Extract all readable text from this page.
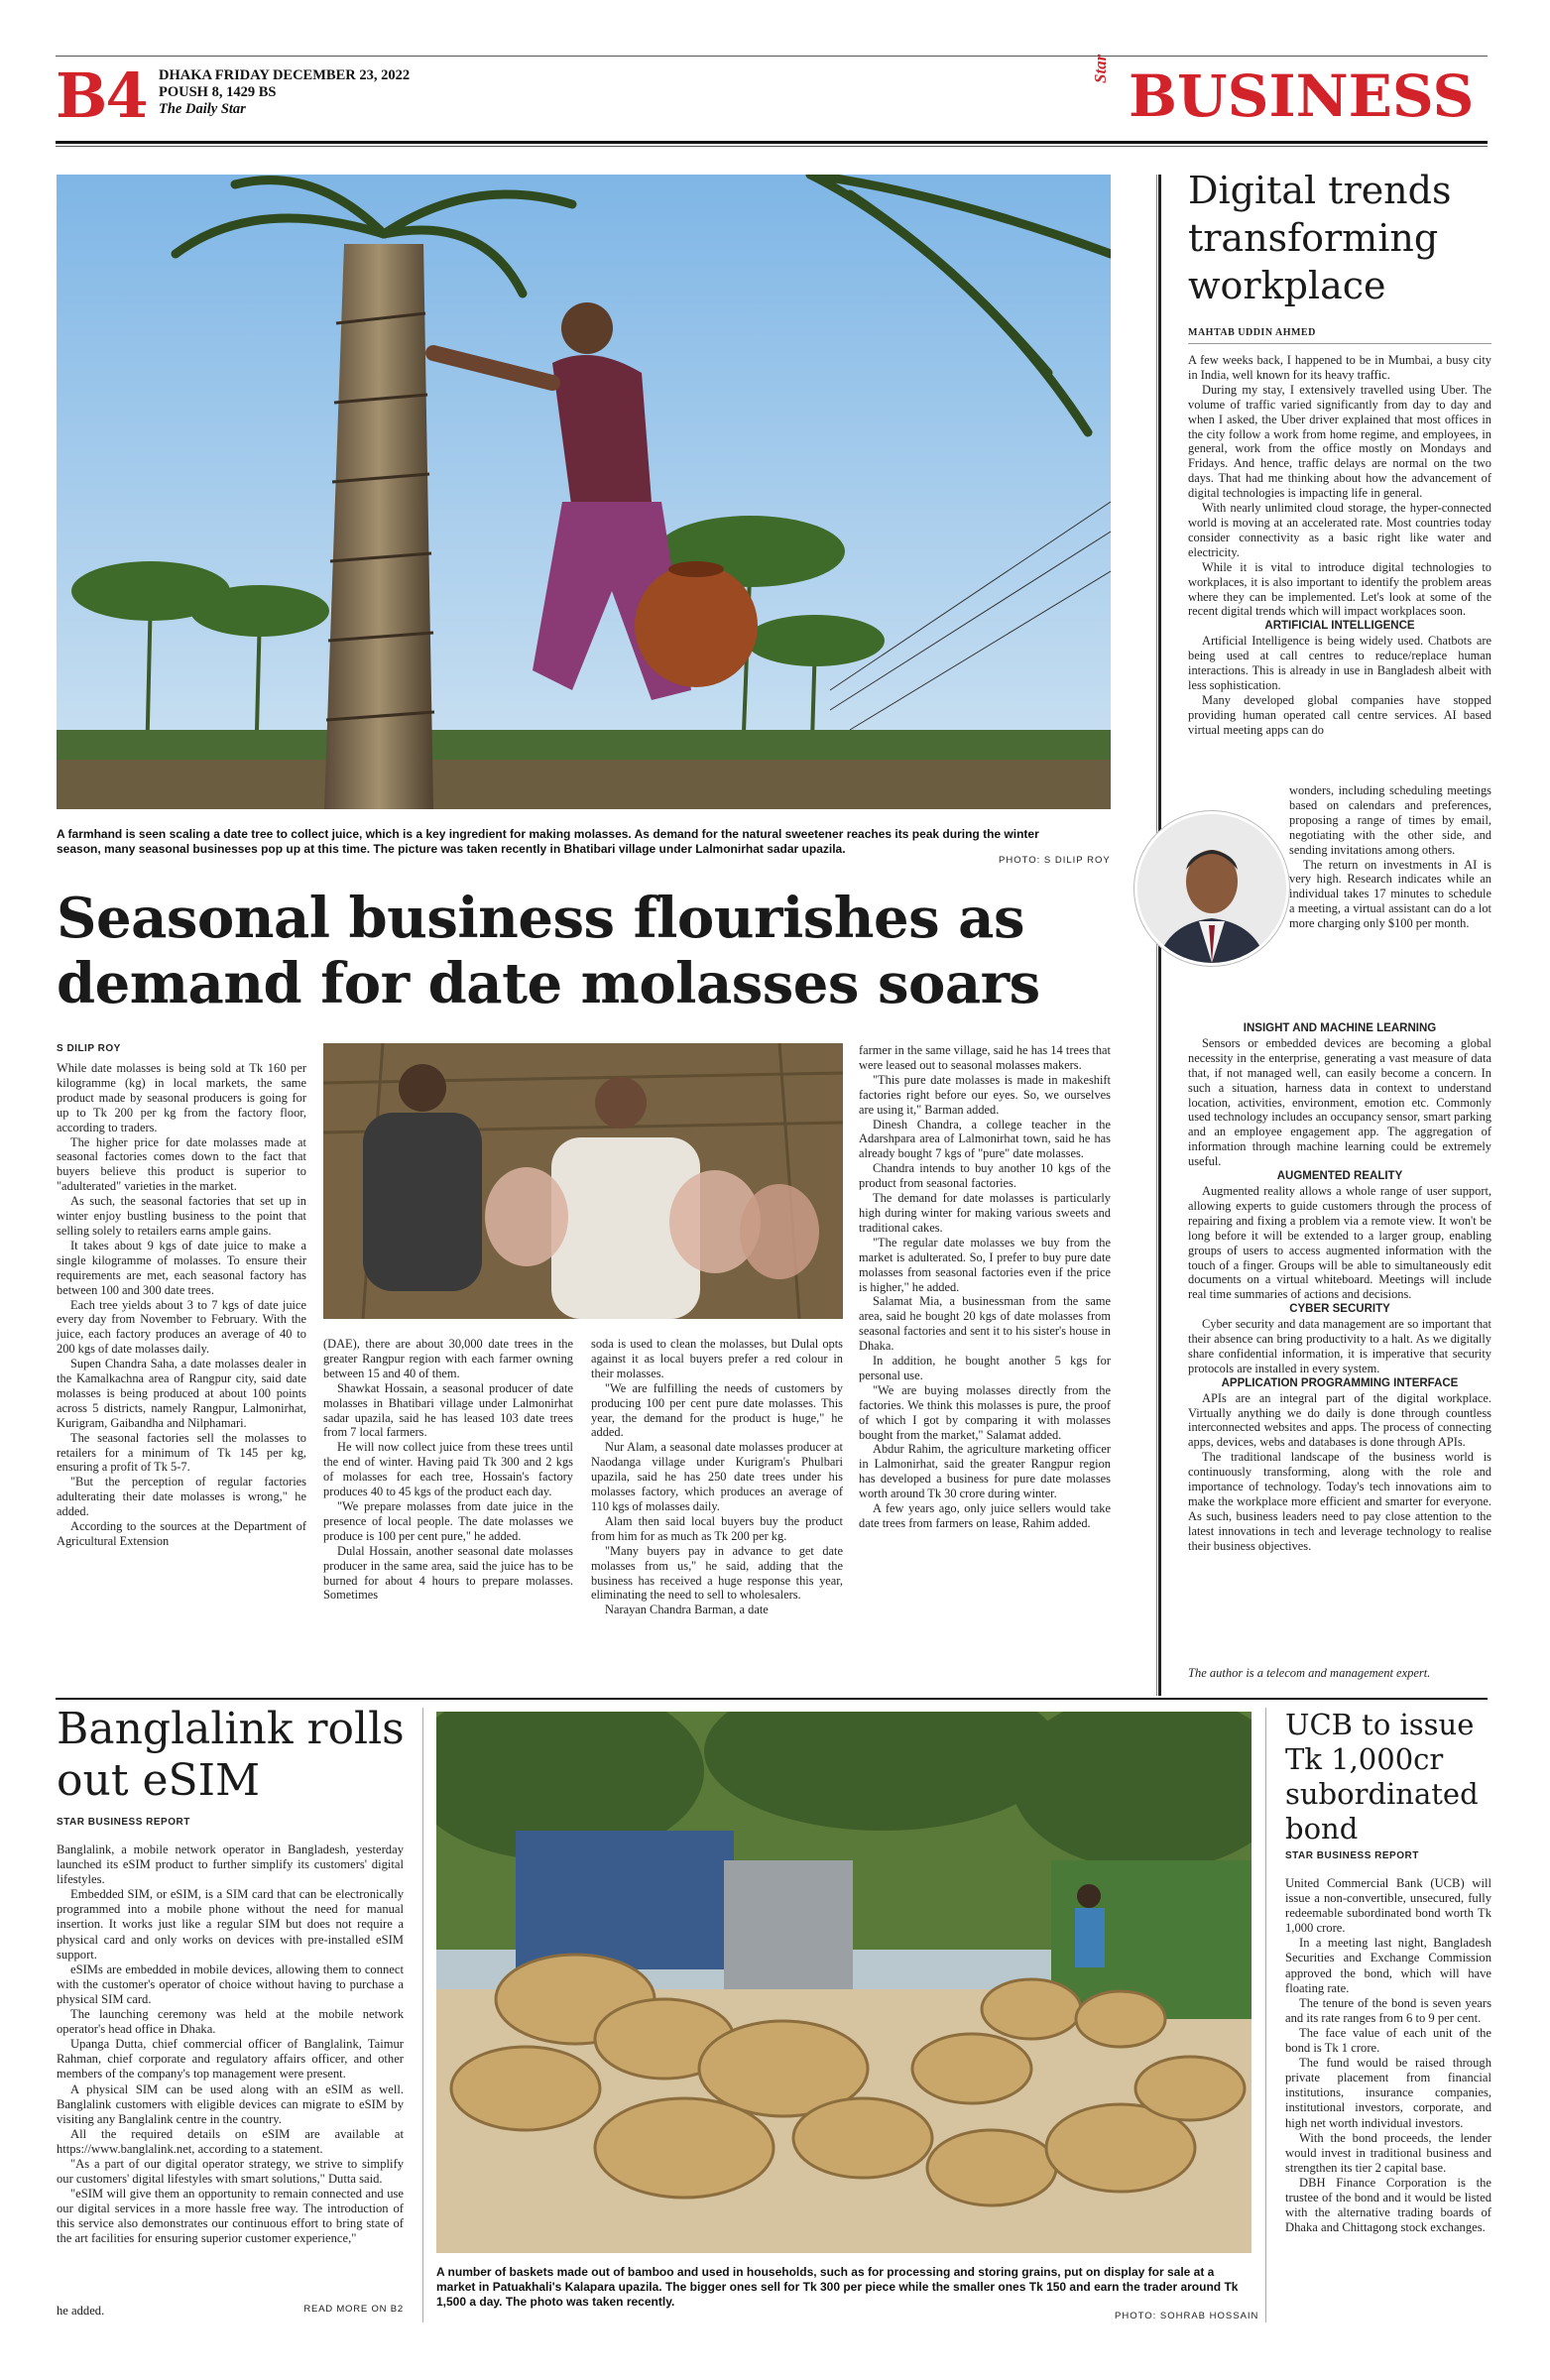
B4 DHAKA FRIDAY DECEMBER 23, 2022
POUSH 8, 1429 BS
The Daily Star
Star BUSINESS

A farmhand is seen scaling a date tree to collect juice, which is a key ingredient for making molasses. As demand for the natural sweetener reaches its peak during the winter season, many seasonal businesses pop up at this time. The picture was taken recently in Bhatibari village under Lalmonirhat sadar upazila.

PHOTO: S DILIP ROY
Seasonal business flourishes as
demand for date molasses soars
S DILIP ROY

While date molasses is being sold at Tk 160 per kilogramme (kg) in local markets, the same product made by seasonal producers is going for up to Tk 200 per kg from the factory floor, according to traders.

The higher price for date molasses made at seasonal factories comes down to the fact that buyers believe this product is superior to "adulterated" varieties in the market.

As such, the seasonal factories that set up in winter enjoy bustling business to the point that selling solely to retailers earns ample gains.

It takes about 9 kgs of date juice to make a single kilogramme of molasses. To ensure their requirements are met, each seasonal factory has between 100 and 300 date trees.

Each tree yields about 3 to 7 kgs of date juice every day from November to February. With the juice, each factory produces an average of 40 to 200 kgs of date molasses daily.

Supen Chandra Saha, a date molasses dealer in the Kamalkachna area of Rangpur city, said date molasses is being produced at about 100 points across 5 districts, namely Rangpur, Lalmonirhat, Kurigram, Gaibandha and Nilphamari.

The seasonal factories sell the molasses to retailers for a minimum of Tk 145 per kg, ensuring a profit of Tk 5-7.

"But the perception of regular factories adulterating their date molasses is wrong," he added.

According to the sources at the Department of Agricultural Extension

(DAE), there are about 30,000 date trees in the greater Rangpur region with each farmer owning between 15 and 40 of them.

Shawkat Hossain, a seasonal producer of date molasses in Bhatibari village under Lalmonirhat sadar upazila, said he has leased 103 date trees from 7 local farmers.

He will now collect juice from these trees until the end of winter. Having paid Tk 300 and 2 kgs of molasses for each tree, Hossain's factory produces 40 to 45 kgs of the product each day.

"We prepare molasses from date juice in the presence of local people. The date molasses we produce is 100 per cent pure," he added.

Dulal Hossain, another seasonal date molasses producer in the same area, said the juice has to be burned for about 4 hours to prepare molasses. Sometimes

soda is used to clean the molasses, but Dulal opts against it as local buyers prefer a red colour in their molasses.

"We are fulfilling the needs of customers by producing 100 per cent pure date molasses. This year, the demand for the product is huge," he added.

Nur Alam, a seasonal date molasses producer at Naodanga village under Kurigram's Phulbari upazila, said he has 250 date trees under his molasses factory, which produces an average of 110 kgs of molasses daily.

Alam then said local buyers buy the product from him for as much as Tk 200 per kg.

"Many buyers pay in advance to get date molasses from us," he said, adding that the business has received a huge response this year, eliminating the need to sell to wholesalers.

Narayan Chandra Barman, a date

farmer in the same village, said he has 14 trees that were leased out to seasonal molasses makers.

"This pure date molasses is made in makeshift factories right before our eyes. So, we ourselves are using it," Barman added.

Dinesh Chandra, a college teacher in the Adarshpara area of Lalmonirhat town, said he has already bought 7 kgs of "pure" date molasses.

Chandra intends to buy another 10 kgs of the product from seasonal factories.

The demand for date molasses is particularly high during winter for making various sweets and traditional cakes.

"The regular date molasses we buy from the market is adulterated. So, I prefer to buy pure date molasses from seasonal factories even if the price is higher," he added.

Salamat Mia, a businessman from the same area, said he bought 20 kgs of date molasses from seasonal factories and sent it to his sister's house in Dhaka.

In addition, he bought another 5 kgs for personal use.

"We are buying molasses directly from the factories. We think this molasses is pure, the proof of which I got by comparing it with molasses bought from the market," Salamat added.

Abdur Rahim, the agriculture marketing officer in Lalmonirhat, said the greater Rangpur region has developed a business for pure date molasses worth around Tk 30 crore during winter.

A few years ago, only juice sellers would take date trees from farmers on lease, Rahim added.

Digital trends
transforming
workplace
MAHTAB UDDIN AHMED

A few weeks back, I happened to be in Mumbai, a busy city in India, well known for its heavy traffic.

During my stay, I extensively travelled using Uber. The volume of traffic varied significantly from day to day and when I asked, the Uber driver explained that most offices in the city follow a work from home regime, and employees, in general, work from the office mostly on Mondays and Fridays. And hence, traffic delays are normal on the two days. That had me thinking about how the advancement of digital technologies is impacting life in general.

With nearly unlimited cloud storage, the hyper-connected world is moving at an accelerated rate. Most countries today consider connectivity as a basic right like water and electricity.

While it is vital to introduce digital technologies to workplaces, it is also important to identify the problem areas where they can be implemented. Let's look at some of the recent digital trends which will impact workplaces soon.

ARTIFICIAL INTELLIGENCE

Artificial Intelligence is being widely used. Chatbots are being used at call centres to reduce/replace human interactions. This is already in use in Bangladesh albeit with less sophistication.

Many developed global companies have stopped providing human operated call centre services. AI based virtual meeting apps can do

wonders, including scheduling meetings based on calendars and preferences, proposing a range of times by email, negotiating with the other side, and sending invitations among others.

The return on investments in AI is very high. Research indicates while an individual takes 17 minutes to schedule a meeting, a virtual assistant can do a lot more charging only $100 per month.

INSIGHT AND MACHINE LEARNING

Sensors or embedded devices are becoming a global necessity in the enterprise, generating a vast measure of data that, if not managed well, can easily become a concern. In such a situation, harness data in context to understand location, activities, environment, emotion etc. Commonly used technology includes an occupancy sensor, smart parking and an employee engagement app. The aggregation of information through machine learning could be extremely useful.

AUGMENTED REALITY

Augmented reality allows a whole range of user support, allowing experts to guide customers through the process of repairing and fixing a problem via a remote view. It won't be long before it will be extended to a larger group, enabling groups of users to access augmented information with the touch of a finger. Groups will be able to simultaneously edit documents on a virtual whiteboard. Meetings will include real time summaries of actions and decisions.

CYBER SECURITY

Cyber security and data management are so important that their absence can bring productivity to a halt. As we digitally share confidential information, it is imperative that security protocols are installed in every system.

APPLICATION PROGRAMMING INTERFACE

APIs are an integral part of the digital workplace. Virtually anything we do daily is done through countless interconnected websites and apps. The process of connecting apps, devices, webs and databases is done through APIs.

The traditional landscape of the business world is continuously transforming, along with the role and importance of technology. Today's tech innovations aim to make the workplace more efficient and smarter for everyone. As such, business leaders need to pay close attention to the latest innovations in tech and leverage technology to realise their business objectives.

The author is a telecom and management expert.
Banglalink rolls
out eSIM
STAR BUSINESS REPORT

Banglalink, a mobile network operator in Bangladesh, yesterday launched its eSIM product to further simplify its customers' digital lifestyles.

Embedded SIM, or eSIM, is a SIM card that can be electronically programmed into a mobile phone without the need for manual insertion. It works just like a regular SIM but does not require a physical card and only works on devices with pre-installed eSIM support.

eSIMs are embedded in mobile devices, allowing them to connect with the customer's operator of choice without having to purchase a physical SIM card.

The launching ceremony was held at the mobile network operator's head office in Dhaka.

Upanga Dutta, chief commercial officer of Banglalink, Taimur Rahman, chief corporate and regulatory affairs officer, and other members of the company's top management were present.

A physical SIM can be used along with an eSIM as well. Banglalink customers with eligible devices can migrate to eSIM by visiting any Banglalink centre in the country.

All the required details on eSIM are available at https://www.banglalink.net, according to a statement.

"As a part of our digital operator strategy, we strive to simplify our customers' digital lifestyles with smart solutions," Dutta said.

"eSIM will give them an opportunity to remain connected and use our digital services in a more hassle free way. The introduction of this service also demonstrates our continuous effort to bring state of the art facilities for ensuring superior customer experience,"

he added.	READ MORE ON B2

A number of baskets made out of bamboo and used in households, such as for processing and storing grains, put on display for sale at a market in Patuakhali's Kalapara upazila. The bigger ones sell for Tk 300 per piece while the smaller ones Tk 150 and earn the trader around Tk 1,500 a day. The photo was taken recently.

PHOTO: SOHRAB HOSSAIN
UCB to issue
Tk 1,000cr
subordinated
bond
STAR BUSINESS REPORT

United Commercial Bank (UCB) will issue a non-convertible, unsecured, fully redeemable subordinated bond worth Tk 1,000 crore.

In a meeting last night, Bangladesh Securities and Exchange Commission approved the bond, which will have floating rate.

The tenure of the bond is seven years and its rate ranges from 6 to 9 per cent.

The face value of each unit of the bond is Tk 1 crore.

The fund would be raised through private placement from financial institutions, insurance companies, institutional investors, corporate, and high net worth individual investors.

With the bond proceeds, the lender would invest in traditional business and strengthen its tier 2 capital base.

DBH Finance Corporation is the trustee of the bond and it would be listed with the alternative trading boards of Dhaka and Chittagong stock exchanges.
